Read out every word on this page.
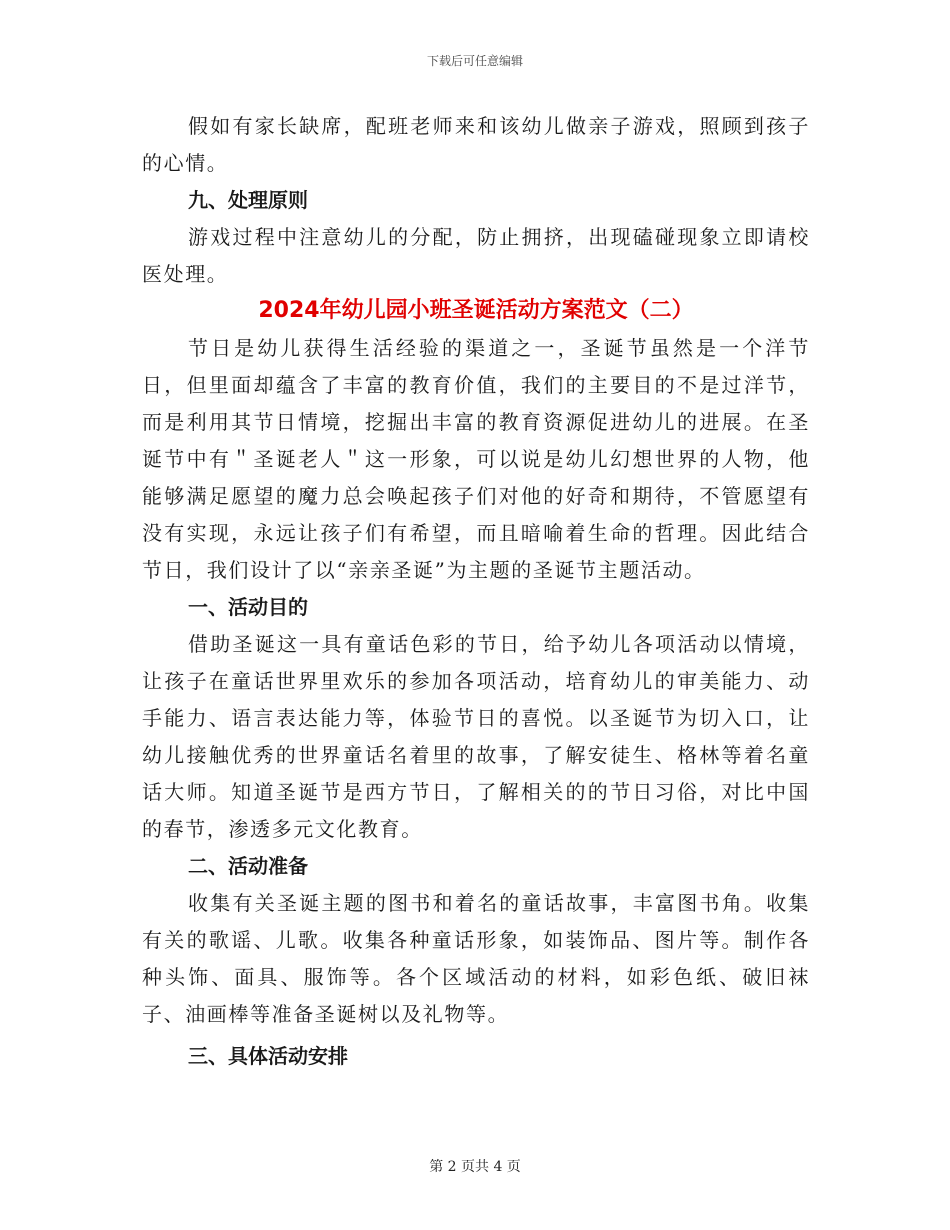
下载后可任意编辑

假如有家长缺席，配班老师来和该幼儿做亲子游戏，照顾到孩子的心情。

九、处理原则

游戏过程中注意幼儿的分配，防止拥挤，出现磕碰现象立即请校医处理。

2024年幼儿园小班圣诞活动方案范文（二）

节日是幼儿获得生活经验的渠道之一，圣诞节虽然是一个洋节日，但里面却蕴含了丰富的教育价值，我们的主要目的不是过洋节，而是利用其节日情境，挖掘出丰富的教育资源促进幼儿的进展。在圣诞节中有＂圣诞老人＂这一形象，可以说是幼儿幻想世界的人物，他能够满足愿望的魔力总会唤起孩子们对他的好奇和期待，不管愿望有没有实现，永远让孩子们有希望，而且暗喻着生命的哲理。因此结合节日，我们设计了以“亲亲圣诞”为主题的圣诞节主题活动。

一、活动目的

借助圣诞这一具有童话色彩的节日，给予幼儿各项活动以情境，让孩子在童话世界里欢乐的参加各项活动，培育幼儿的审美能力、动手能力、语言表达能力等，体验节日的喜悦。以圣诞节为切入口，让幼儿接触优秀的世界童话名着里的故事，了解安徒生、格林等着名童话大师。知道圣诞节是西方节日，了解相关的的节日习俗，对比中国的春节，渗透多元文化教育。

二、活动准备

收集有关圣诞主题的图书和着名的童话故事，丰富图书角。收集有关的歌谣、儿歌。收集各种童话形象，如装饰品、图片等。制作各种头饰、面具、服饰等。各个区域活动的材料，如彩色纸、破旧袜子、油画棒等准备圣诞树以及礼物等。

三、具体活动安排

第 2 页共 4 页
